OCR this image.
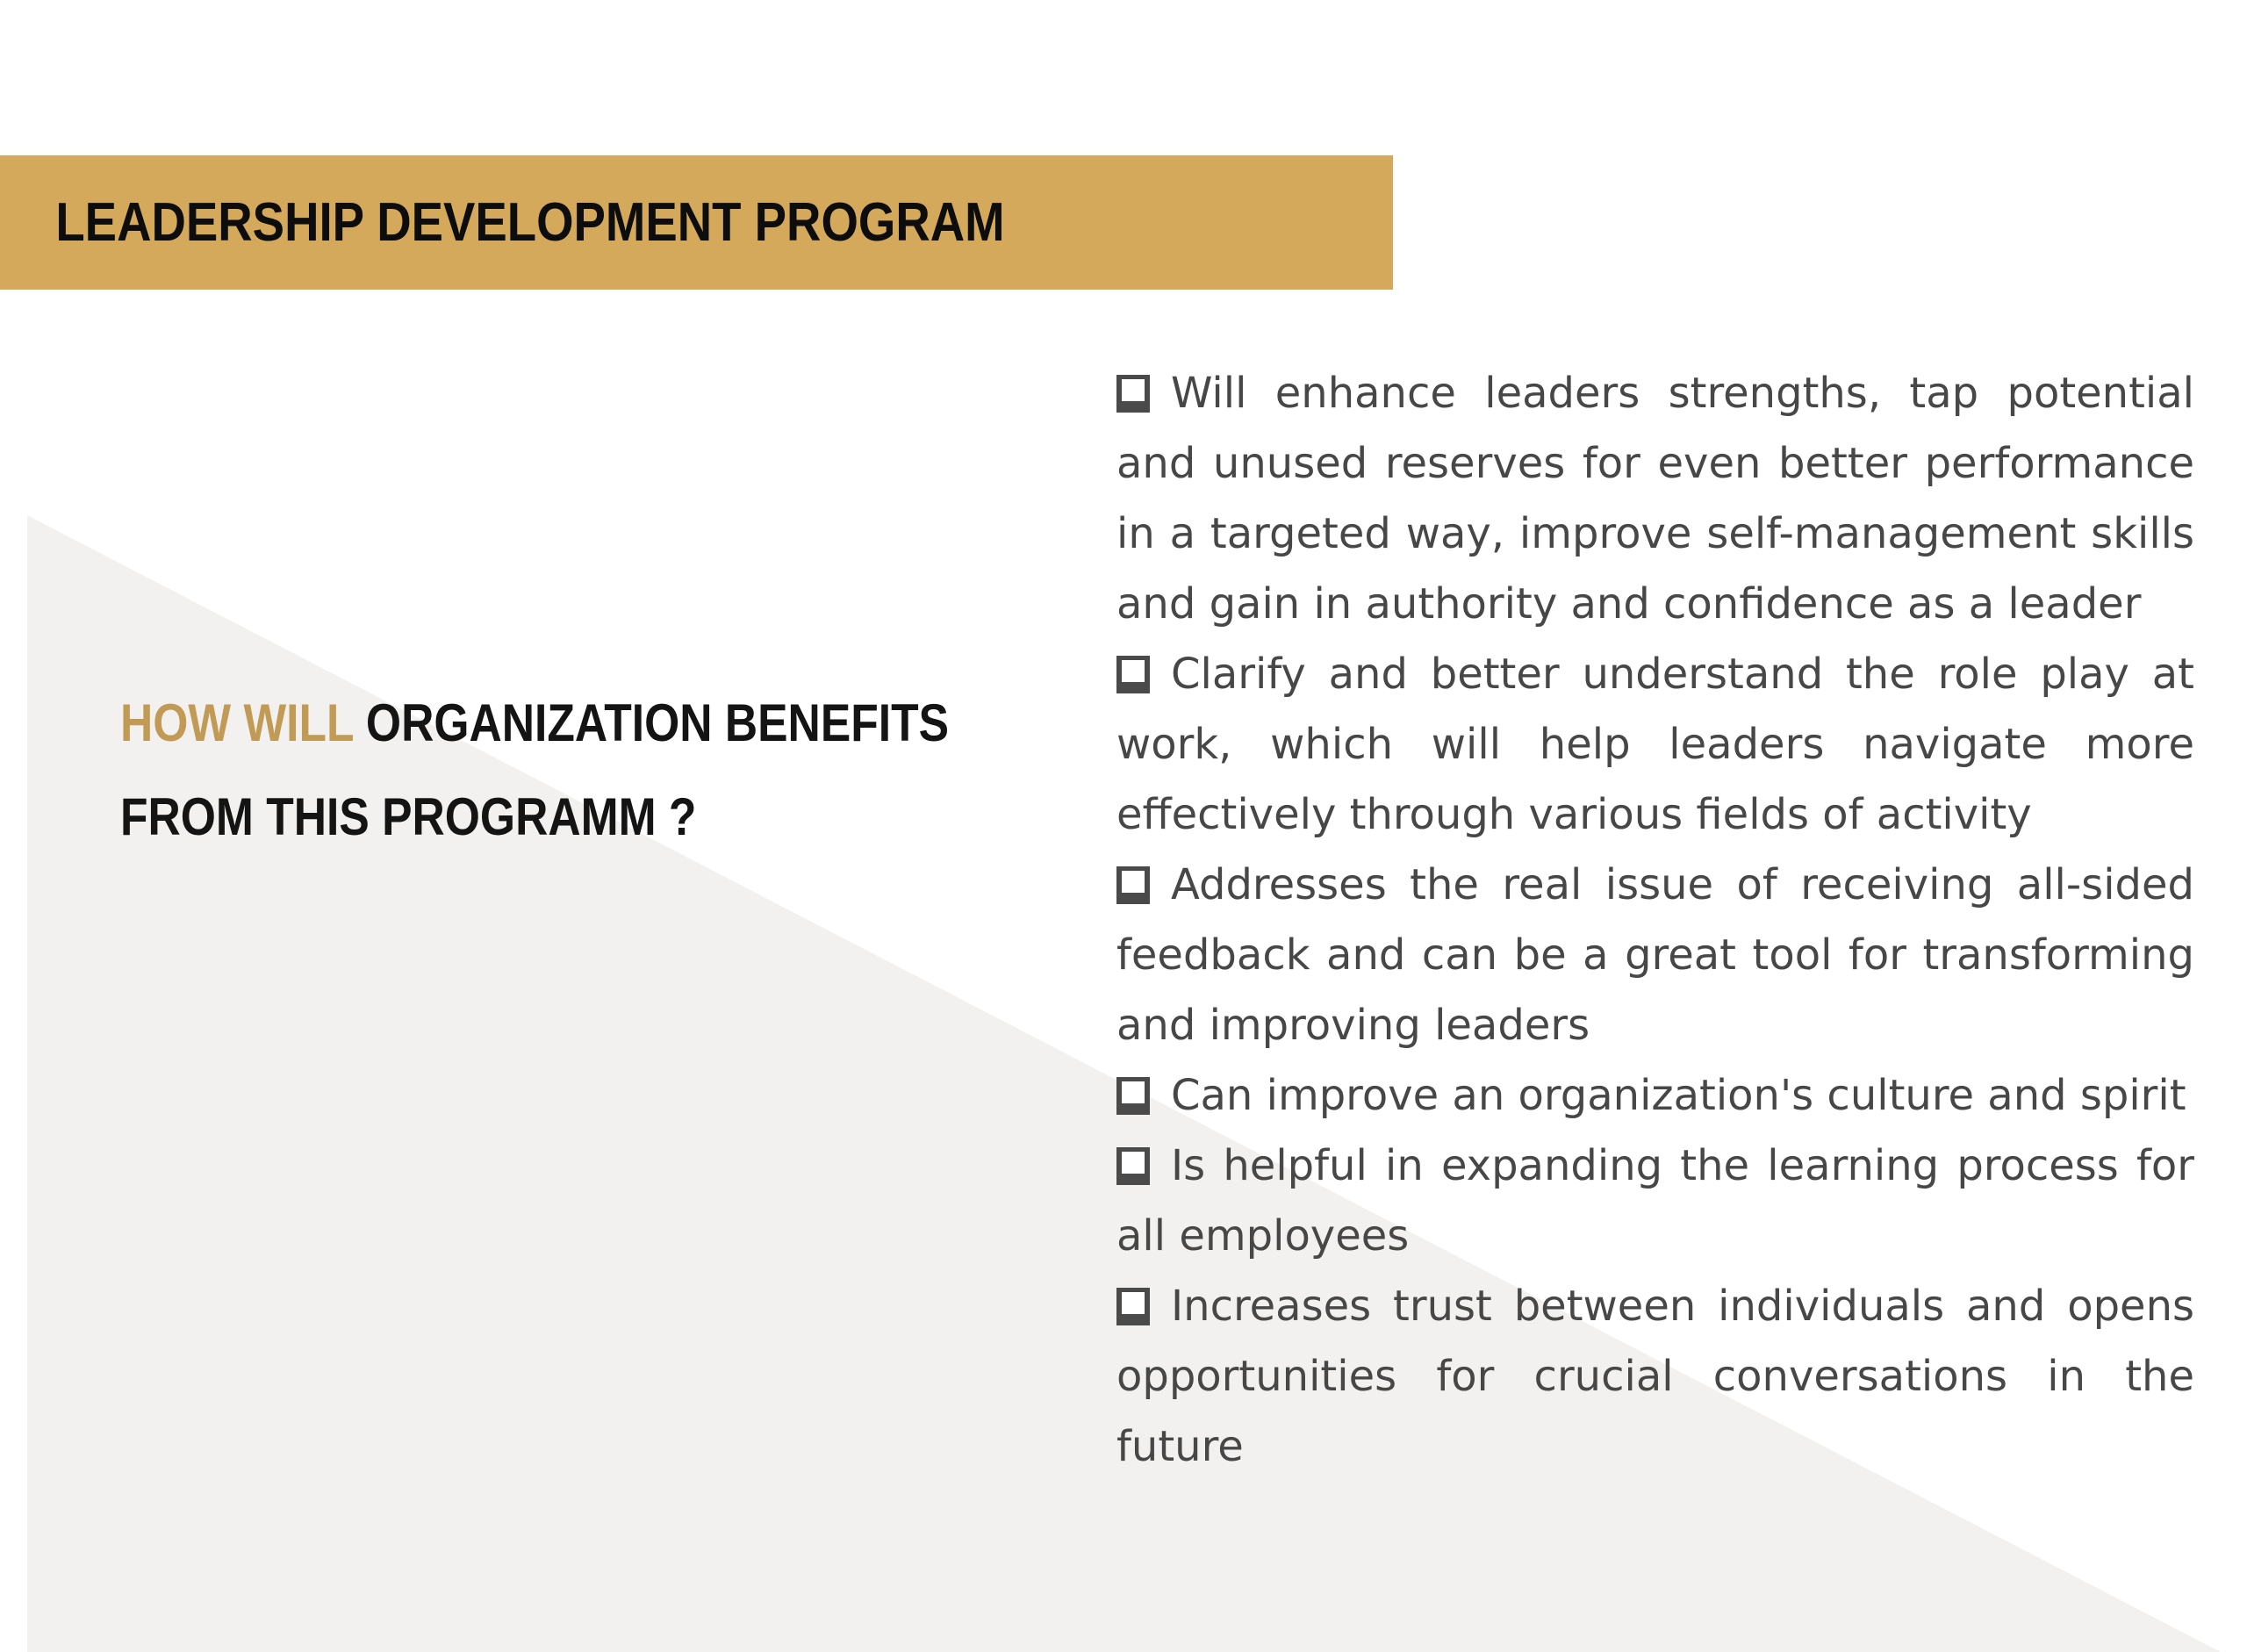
LEADERSHIP DEVELOPMENT PROGRAM
HOW WILL ORGANIZATION BENEFITS
FROM THIS PROGRAMM ?
Will enhance leaders strengths, tap potential and unused reserves for even better performance in a targeted way, improve self-management skills and gain in authority and confidence as a leader
Clarify and better understand the role play at work, which will help leaders navigate more effectively through various fields of activity
Addresses the real issue of receiving all-sided feedback and can be a great tool for transforming and improving leaders
Can improve an organization's culture and spirit
Is helpful in expanding the learning process for all employees
Increases trust between individuals and opens opportunities for crucial conversations in the future
